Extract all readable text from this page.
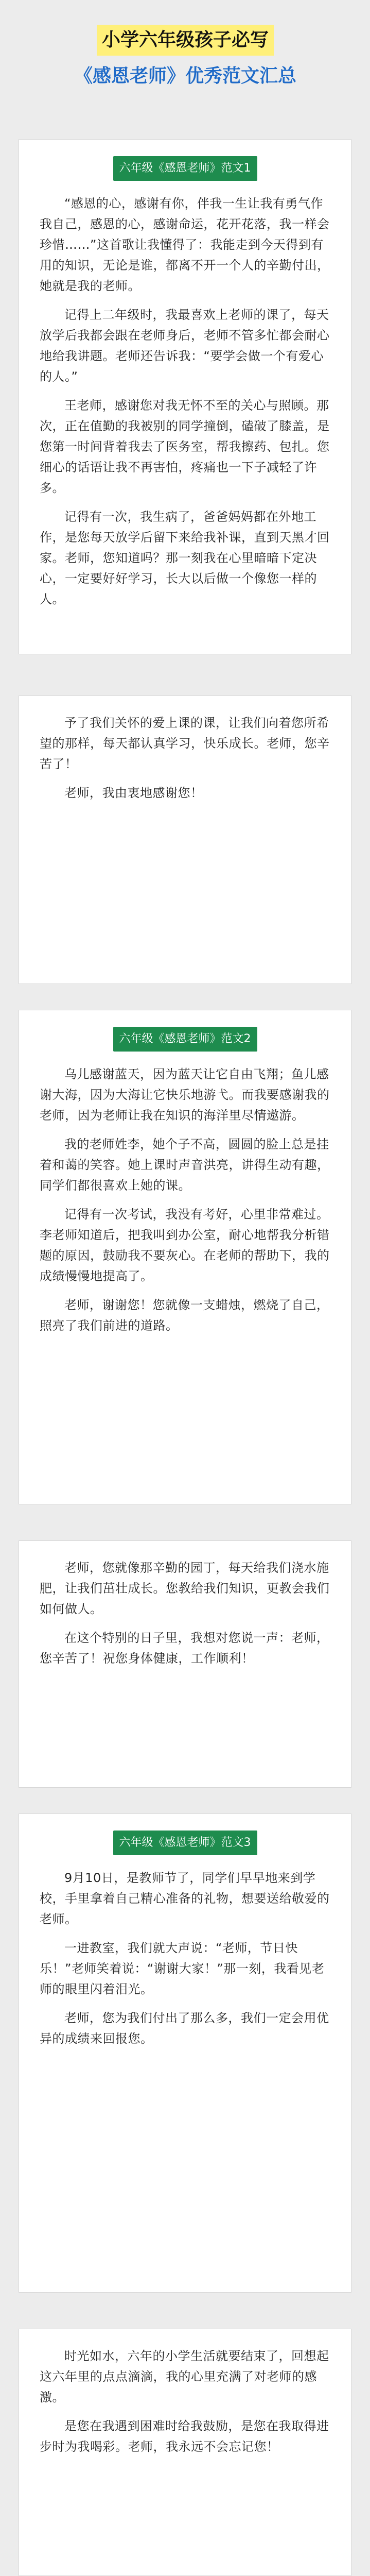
小学六年级孩子必写
《感恩老师》优秀范文汇总
六年级《感恩老师》范文1

“感恩的心，感谢有你，伴我一生让我有勇气作我自己，感恩的心，感谢命运，花开花落，我一样会珍惜……”这首歌让我懂得了：我能走到今天得到有用的知识，无论是谁，都离不开一个人的辛勤付出，她就是我的老师。

记得上二年级时，我最喜欢上老师的课了，每天放学后我都会跟在老师身后，老师不管多忙都会耐心地给我讲题。老师还告诉我：“要学会做一个有爱心的人。”

王老师，感谢您对我无怀不至的关心与照顾。那次，正在值勤的我被别的同学撞倒，磕破了膝盖，是您第一时间背着我去了医务室，帮我擦药、包扎。您细心的话语让我不再害怕，疼痛也一下子减轻了许多。

记得有一次，我生病了，爸爸妈妈都在外地工作，是您每天放学后留下来给我补课，直到天黑才回家。老师，您知道吗？那一刻我在心里暗暗下定决心，一定要好好学习，长大以后做一个像您一样的人。

予了我们关怀的爱上课的课，让我们向着您所希望的那样，每天都认真学习，快乐成长。老师，您辛苦了！

老师，我由衷地感谢您！

六年级《感恩老师》范文2

乌儿感谢蓝天，因为蓝天让它自由飞翔；鱼儿感谢大海，因为大海让它快乐地游弋。而我要感谢我的老师，因为老师让我在知识的海洋里尽情遨游。

我的老师姓李，她个子不高，圆圆的脸上总是挂着和蔼的笑容。她上课时声音洪亮，讲得生动有趣，同学们都很喜欢上她的课。

记得有一次考试，我没有考好，心里非常难过。李老师知道后，把我叫到办公室，耐心地帮我分析错题的原因，鼓励我不要灰心。在老师的帮助下，我的成绩慢慢地提高了。

老师，谢谢您！您就像一支蜡烛，燃烧了自己，照亮了我们前进的道路。

老师，您就像那辛勤的园丁，每天给我们浇水施肥，让我们茁壮成长。您教给我们知识，更教会我们如何做人。

在这个特别的日子里，我想对您说一声：老师，您辛苦了！祝您身体健康，工作顺利！

六年级《感恩老师》范文3

9月10日，是教师节了，同学们早早地来到学校，手里拿着自己精心准备的礼物，想要送给敬爱的老师。

一进教室，我们就大声说：“老师，节日快乐！”老师笑着说：“谢谢大家！”那一刻，我看见老师的眼里闪着泪光。

老师，您为我们付出了那么多，我们一定会用优异的成绩来回报您。

时光如水，六年的小学生活就要结束了，回想起这六年里的点点滴滴，我的心里充满了对老师的感激。

是您在我遇到困难时给我鼓励，是您在我取得进步时为我喝彩。老师，我永远不会忘记您！
